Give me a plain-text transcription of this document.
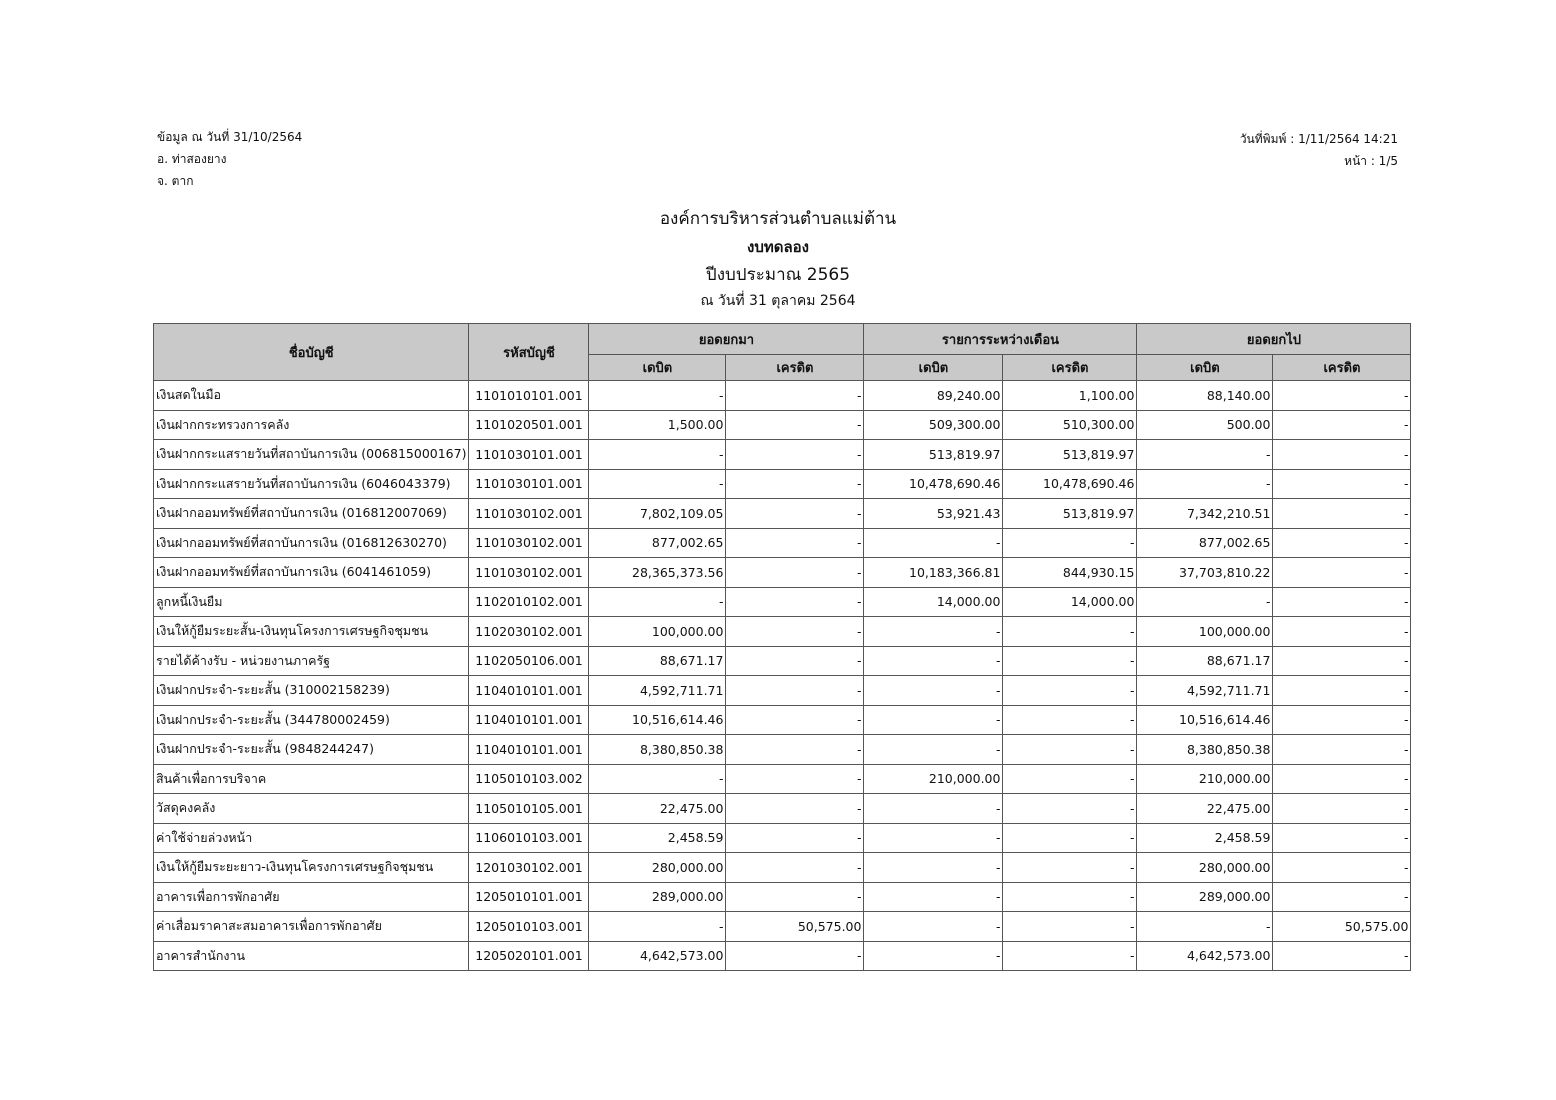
ข้อมูล ณ วันที่ 31/10/2564
อ. ท่าสองยาง
จ. ตาก
วันที่พิมพ์ : 1/11/2564 14:21
หน้า : 1/5
องค์การบริหารส่วนตำบลแม่ต้าน
งบทดลอง
ปีงบประมาณ 2565
ณ วันที่ 31 ตุลาคม 2564
ชื่อบัญชี	รหัสบัญชี	ยอดยกมา		รายการระหว่างเดือน		ยอดยกไป	
		เดบิต	เครดิต	เดบิต	เครดิต	เดบิต	เครดิต
เงินสดในมือ	1101010101.001	-	-	89,240.00	1,100.00	88,140.00	-
เงินฝากกระทรวงการคลัง	1101020501.001	1,500.00	-	509,300.00	510,300.00	500.00	-
เงินฝากกระแสรายวันที่สถาบันการเงิน (006815000167)	1101030101.001	-	-	513,819.97	513,819.97	-	-
เงินฝากกระแสรายวันที่สถาบันการเงิน (6046043379)	1101030101.001	-	-	10,478,690.46	10,478,690.46	-	-
เงินฝากออมทรัพย์ที่สถาบันการเงิน (016812007069)	1101030102.001	7,802,109.05	-	53,921.43	513,819.97	7,342,210.51	-
เงินฝากออมทรัพย์ที่สถาบันการเงิน (016812630270)	1101030102.001	877,002.65	-	-	-	877,002.65	-
เงินฝากออมทรัพย์ที่สถาบันการเงิน (6041461059)	1101030102.001	28,365,373.56	-	10,183,366.81	844,930.15	37,703,810.22	-
ลูกหนี้เงินยืม	1102010102.001	-	-	14,000.00	14,000.00	-	-
เงินให้กู้ยืมระยะสั้น-เงินทุนโครงการเศรษฐกิจชุมชน	1102030102.001	100,000.00	-	-	-	100,000.00	-
รายได้ค้างรับ - หน่วยงานภาครัฐ	1102050106.001	88,671.17	-	-	-	88,671.17	-
เงินฝากประจำ-ระยะสั้น (310002158239)	1104010101.001	4,592,711.71	-	-	-	4,592,711.71	-
เงินฝากประจำ-ระยะสั้น (344780002459)	1104010101.001	10,516,614.46	-	-	-	10,516,614.46	-
เงินฝากประจำ-ระยะสั้น (9848244247)	1104010101.001	8,380,850.38	-	-	-	8,380,850.38	-
สินค้าเพื่อการบริจาค	1105010103.002	-	-	210,000.00	-	210,000.00	-
วัสดุคงคลัง	1105010105.001	22,475.00	-	-	-	22,475.00	-
ค่าใช้จ่ายล่วงหน้า	1106010103.001	2,458.59	-	-	-	2,458.59	-
เงินให้กู้ยืมระยะยาว-เงินทุนโครงการเศรษฐกิจชุมชน	1201030102.001	280,000.00	-	-	-	280,000.00	-
อาคารเพื่อการพักอาศัย	1205010101.001	289,000.00	-	-	-	289,000.00	-
ค่าเสื่อมราคาสะสมอาคารเพื่อการพักอาศัย	1205010103.001	-	50,575.00	-	-	-	50,575.00
อาคารสำนักงาน	1205020101.001	4,642,573.00	-	-	-	4,642,573.00	-
